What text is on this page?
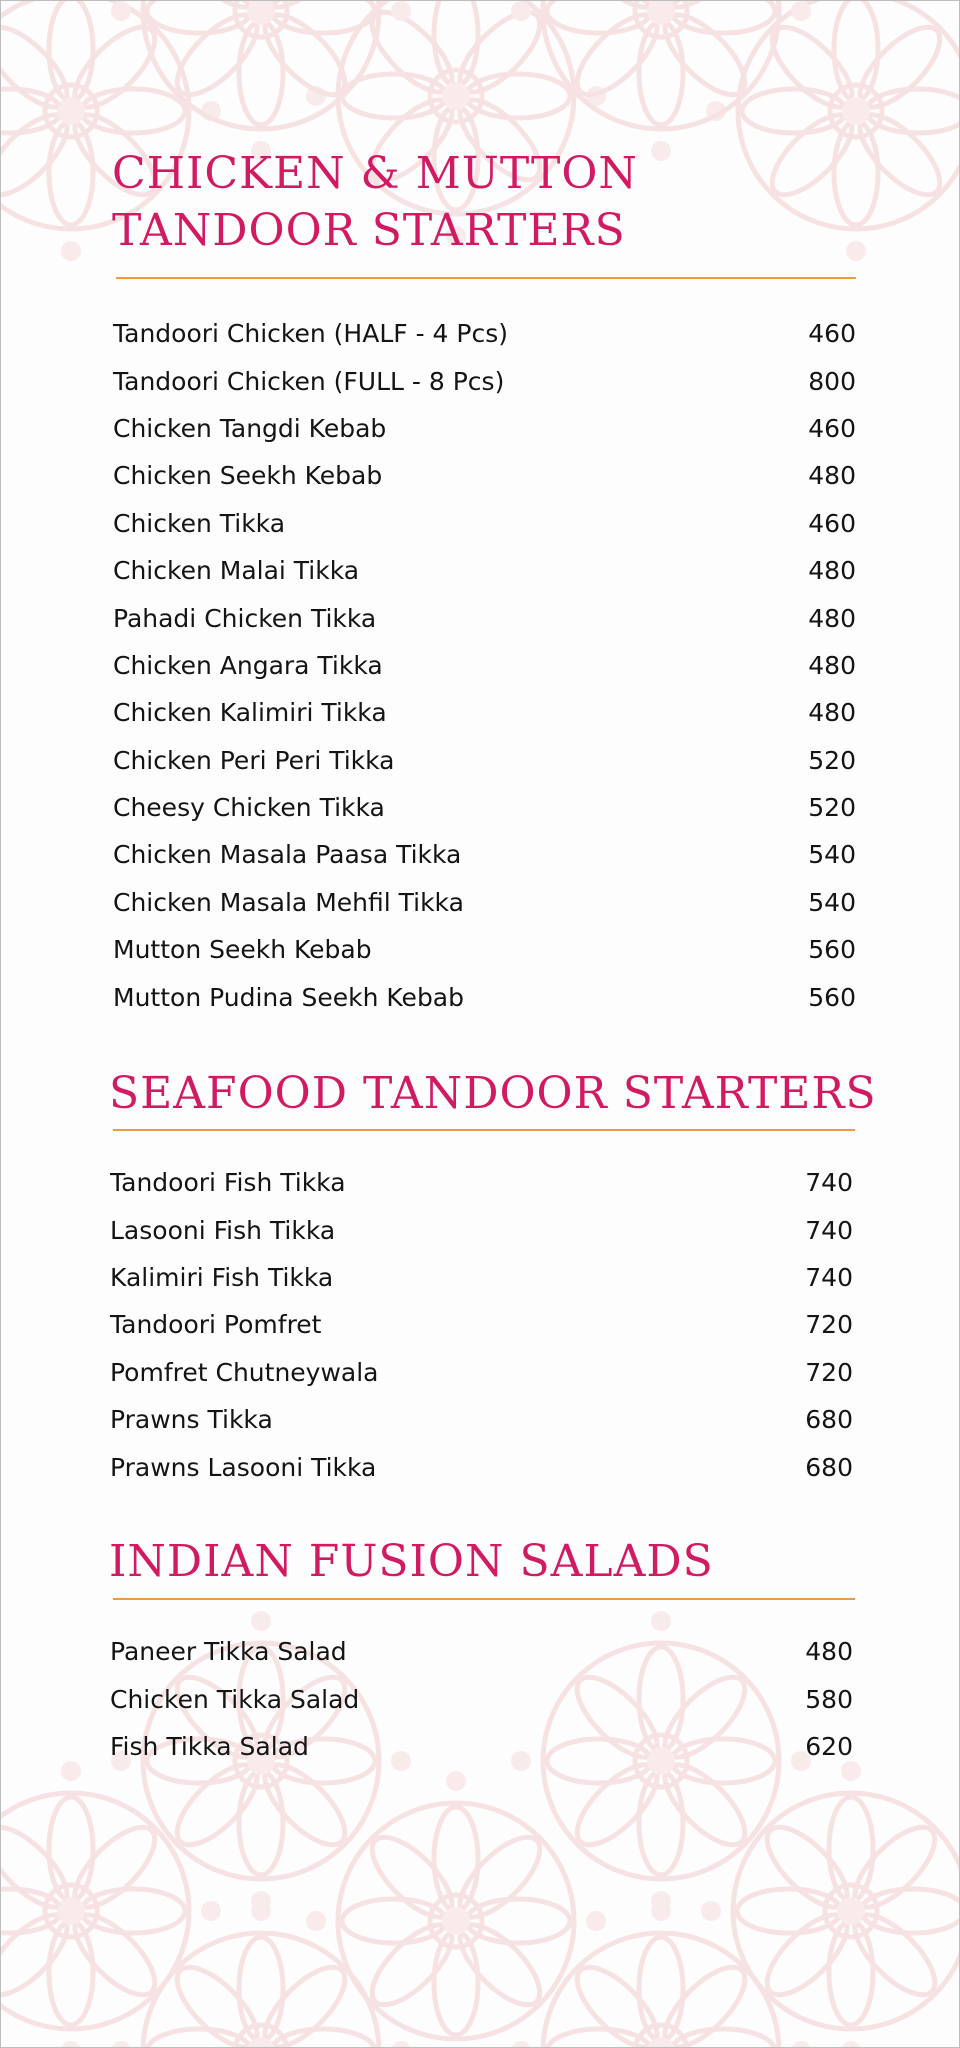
CHICKEN & MUTTON
TANDOOR STARTERS
Tandoori Chicken (HALF - 4 Pcs)	460
Tandoori Chicken (FULL - 8 Pcs)	800
Chicken Tangdi Kebab	460
Chicken Seekh Kebab	480
Chicken Tikka	460
Chicken Malai Tikka	480
Pahadi Chicken Tikka	480
Chicken Angara Tikka	480
Chicken Kalimiri Tikka	480
Chicken Peri Peri Tikka	520
Cheesy Chicken Tikka	520
Chicken Masala Paasa Tikka	540
Chicken Masala Mehfil Tikka	540
Mutton Seekh Kebab	560
Mutton Pudina Seekh Kebab	560
SEAFOOD TANDOOR STARTERS
Tandoori Fish Tikka	740
Lasooni Fish Tikka	740
Kalimiri Fish Tikka	740
Tandoori Pomfret	720
Pomfret Chutneywala	720
Prawns Tikka	680
Prawns Lasooni Tikka	680
INDIAN FUSION SALADS
Paneer Tikka Salad	480
Chicken Tikka Salad	580
Fish Tikka Salad	620
